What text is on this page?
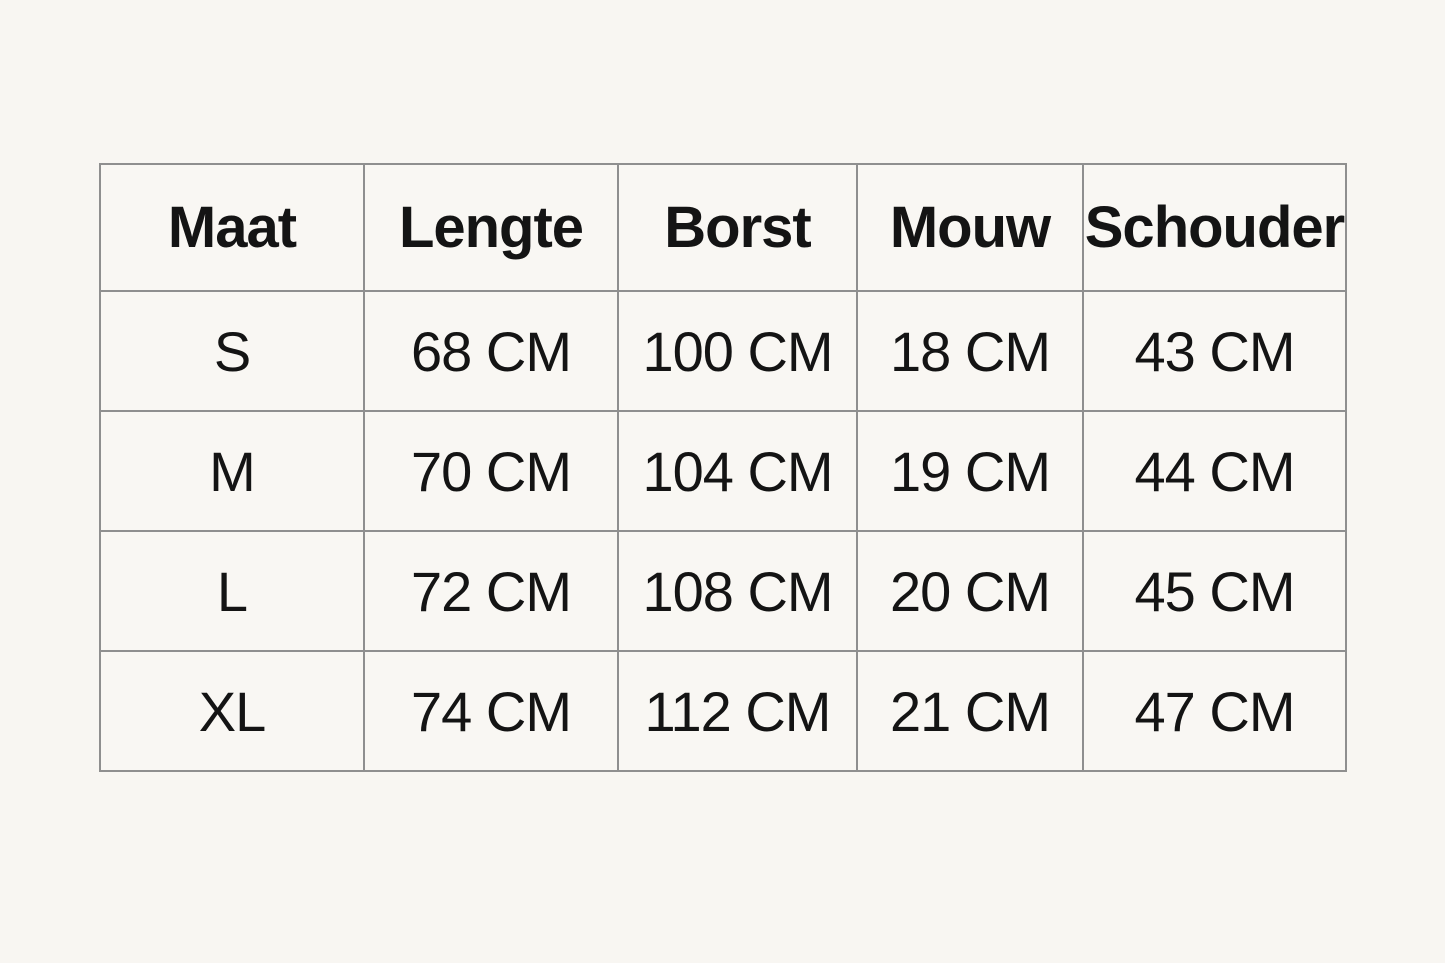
Maat	Lengte	Borst	Mouw	Schouder
S	68 CM	100 CM	18 CM	43 CM
M	70 CM	104 CM	19 CM	44 CM
L	72 CM	108 CM	20 CM	45 CM
XL	74 CM	112 CM	21 CM	47 CM
